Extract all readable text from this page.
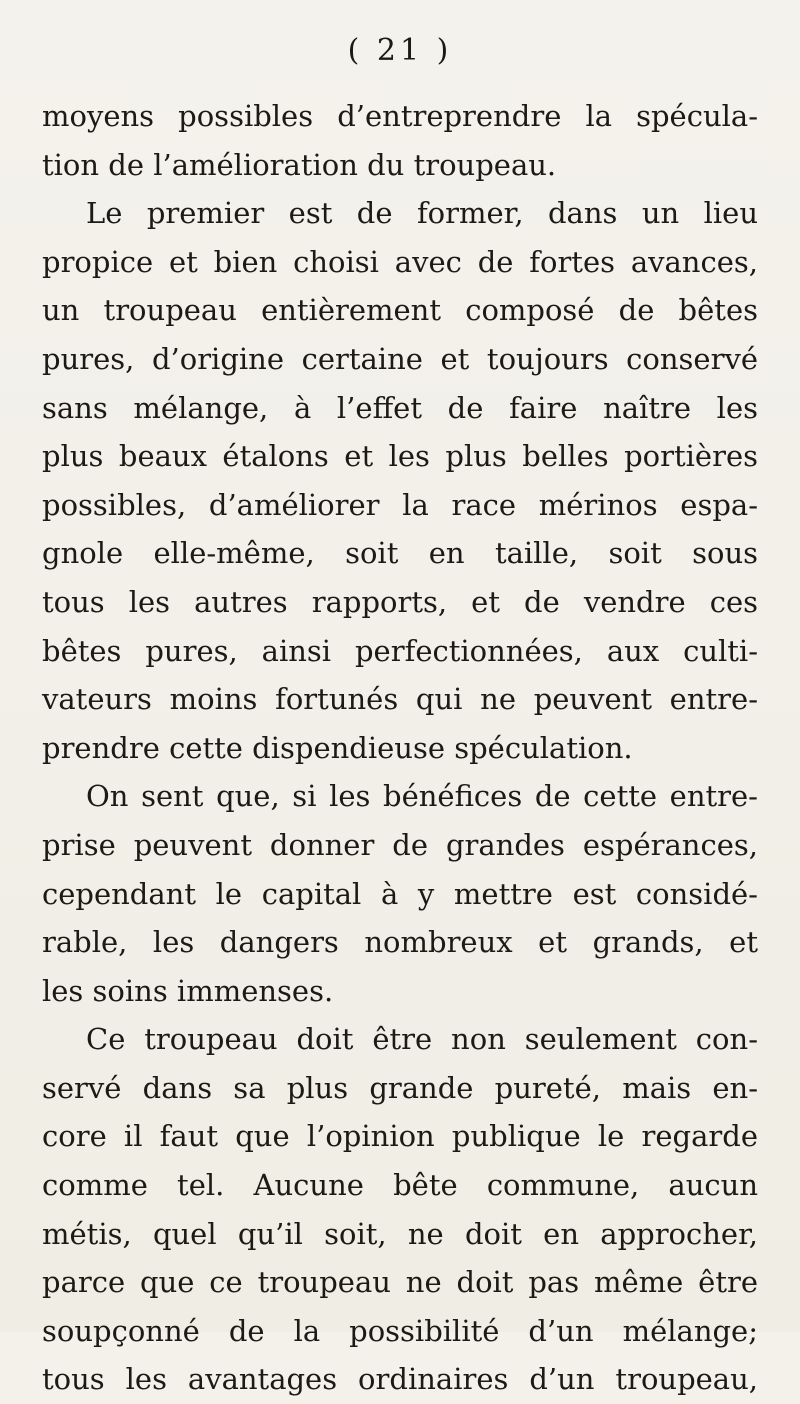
( 21 )
moyens possibles d’entreprendre la spécula-
tion de l’amélioration du troupeau.
Le premier est de former, dans un lieu
propice et bien choisi avec de fortes avances,
un troupeau entièrement composé de bêtes
pures, d’origine certaine et toujours conservé
sans mélange, à l’effet de faire naître les
plus beaux étalons et les plus belles portières
possibles, d’améliorer la race mérinos espa-
gnole elle-même, soit en taille, soit sous
tous les autres rapports, et de vendre ces
bêtes pures, ainsi perfectionnées, aux culti-
vateurs moins fortunés qui ne peuvent entre-
prendre cette dispendieuse spéculation.
On sent que, si les bénéfices de cette entre-
prise peuvent donner de grandes espérances,
cependant le capital à y mettre est considé-
rable, les dangers nombreux et grands, et
les soins immenses.
Ce troupeau doit être non seulement con-
servé dans sa plus grande pureté, mais en-
core il faut que l’opinion publique le regarde
comme tel. Aucune bête commune, aucun
métis, quel qu’il soit, ne doit en approcher,
parce que ce troupeau ne doit pas même être
soupçonné de la possibilité d’un mélange;
tous les avantages ordinaires d’un troupeau,
